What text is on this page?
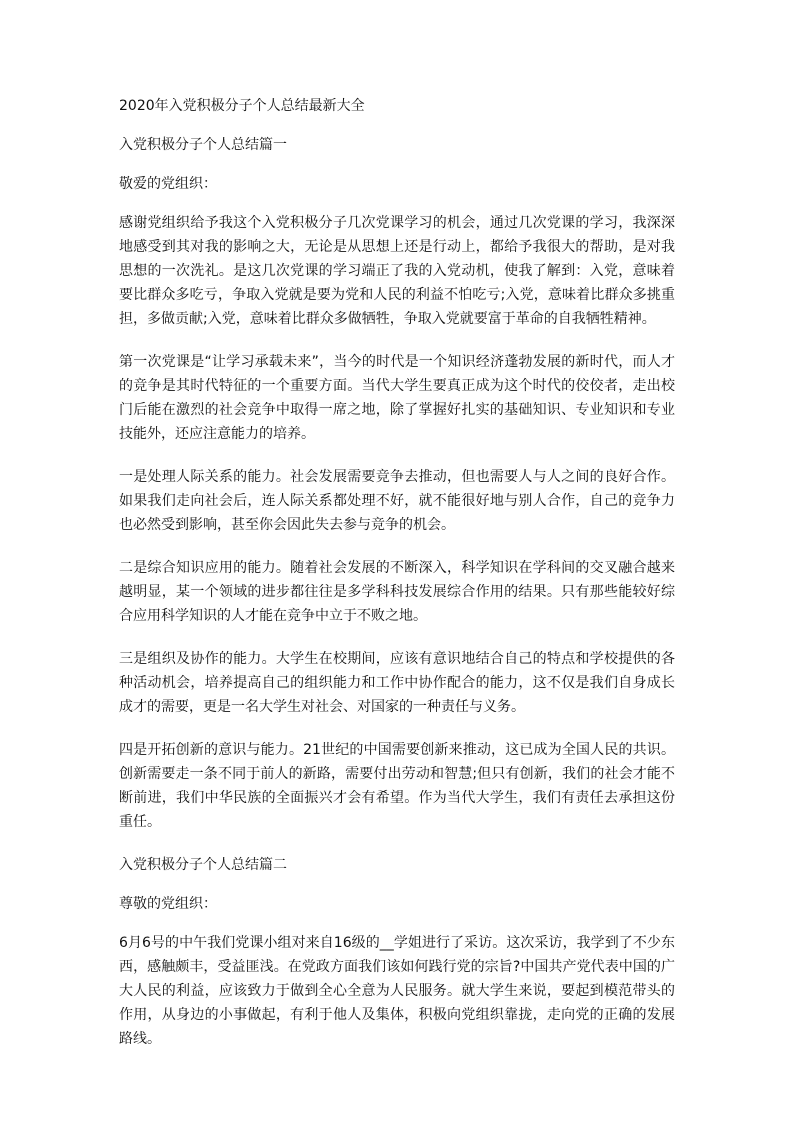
2020年入党积极分子个人总结最新大全
入党积极分子个人总结篇一
敬爱的党组织：
感谢党组织给予我这个入党积极分子几次党课学习的机会，通过几次党课的学习，我深深地感受到其对我的影响之大，无论是从思想上还是行动上，都给予我很大的帮助，是对我思想的一次洗礼。是这几次党课的学习端正了我的入党动机，使我了解到：入党，意味着要比群众多吃亏，争取入党就是要为党和人民的利益不怕吃亏;入党，意味着比群众多挑重担，多做贡献;入党，意味着比群众多做牺牲，争取入党就要富于革命的自我牺牲精神。
第一次党课是“让学习承载未来”，当今的时代是一个知识经济蓬勃发展的新时代，而人才的竞争是其时代特征的一个重要方面。当代大学生要真正成为这个时代的佼佼者，走出校门后能在激烈的社会竞争中取得一席之地，除了掌握好扎实的基础知识、专业知识和专业技能外，还应注意能力的培养。
一是处理人际关系的能力。社会发展需要竞争去推动，但也需要人与人之间的良好合作。如果我们走向社会后，连人际关系都处理不好，就不能很好地与别人合作，自己的竞争力也必然受到影响，甚至你会因此失去参与竞争的机会。
二是综合知识应用的能力。随着社会发展的不断深入，科学知识在学科间的交叉融合越来越明显，某一个领域的进步都往往是多学科科技发展综合作用的结果。只有那些能较好综合应用科学知识的人才能在竞争中立于不败之地。
三是组织及协作的能力。大学生在校期间，应该有意识地结合自己的特点和学校提供的各种活动机会，培养提高自己的组织能力和工作中协作配合的能力，这不仅是我们自身成长成才的需要，更是一名大学生对社会、对国家的一种责任与义务。
四是开拓创新的意识与能力。21世纪的中国需要创新来推动，这已成为全国人民的共识。创新需要走一条不同于前人的新路，需要付出劳动和智慧;但只有创新，我们的社会才能不断前进，我们中华民族的全面振兴才会有希望。作为当代大学生，我们有责任去承担这份重任。
入党积极分子个人总结篇二
尊敬的党组织：
6月6号的中午我们党课小组对来自16级的__学姐进行了采访。这次采访，我学到了不少东西，感触颇丰，受益匪浅。在党政方面我们该如何践行党的宗旨?中国共产党代表中国的广大人民的利益，应该致力于做到全心全意为人民服务。就大学生来说，要起到模范带头的作用，从身边的小事做起，有利于他人及集体，积极向党组织靠拢，走向党的正确的发展路线。
